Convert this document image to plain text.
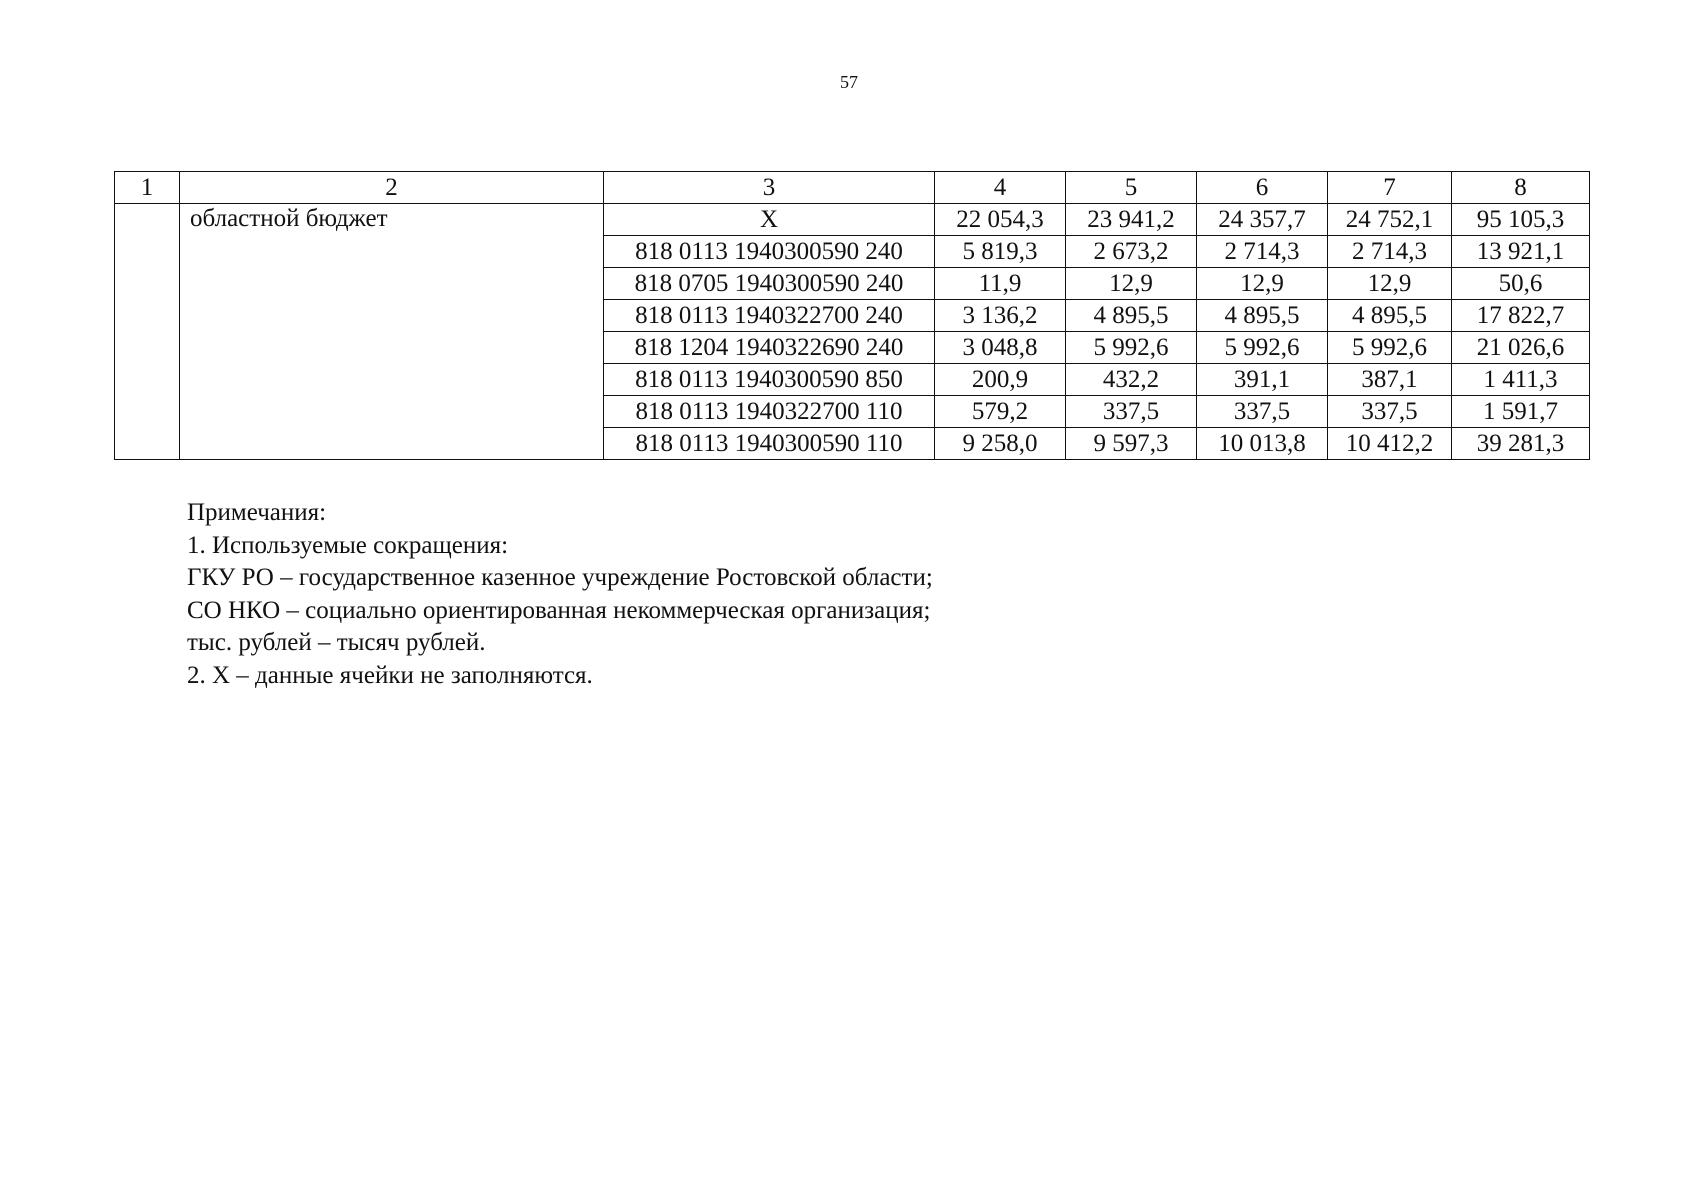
57
1	2	3	4	5	6	7	8
	областной бюджет	X	22 054,3	23 941,2	24 357,7	24 752,1	95 105,3
		818 0113 1940300590 240	5 819,3	2 673,2	2 714,3	2 714,3	13 921,1
		818 0705 1940300590 240	11,9	12,9	12,9	12,9	50,6
		818 0113 1940322700 240	3 136,2	4 895,5	4 895,5	4 895,5	17 822,7
		818 1204 1940322690 240	3 048,8	5 992,6	5 992,6	5 992,6	21 026,6
		818 0113 1940300590 850	200,9	432,2	391,1	387,1	1 411,3
		818 0113 1940322700 110	579,2	337,5	337,5	337,5	1 591,7
		818 0113 1940300590 110	9 258,0	9 597,3	10 013,8	10 412,2	39 281,3
Примечания:
1. Используемые сокращения:
ГКУ РО – государственное казенное учреждение Ростовской области;
СО НКО – социально ориентированная некоммерческая организация;
тыс. рублей – тысяч рублей.
2. Х – данные ячейки не заполняются.
